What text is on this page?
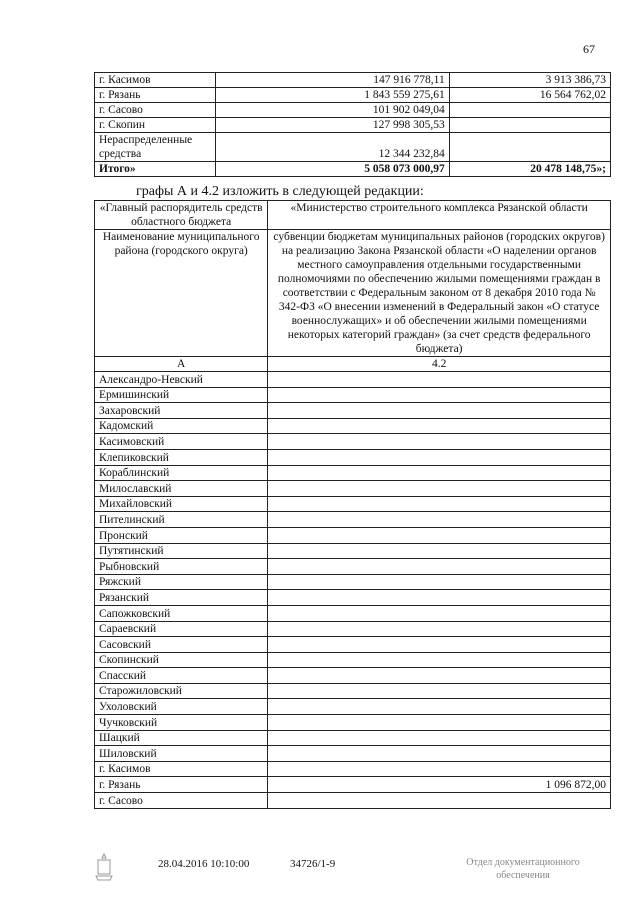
67
г. Касимов	147 916 778,11	3 913 386,73
г. Рязань	1 843 559 275,61	16 564 762,02
г. Сасово	101 902 049,04	
г. Скопин	127 998 305,53	
Нераспределенные средства	12 344 232,84	
Итого»	5 058 073 000,97	20 478 148,75»;
графы А и 4.2 изложить в следующей редакции:
«Главный распорядитель средств областного бюджета	«Министерство строительного комплекса Рязанской области
Наименование муниципального района (городского округа)	субвенции бюджетам муниципальных районов (городских округов) на реализацию Закона Рязанской области «О наделении органов местного самоуправления отдельными государственными полномочиями по обеспечению жилыми помещениями граждан в соответствии с Федеральным законом от 8 декабря 2010 года № 342-ФЗ «О внесении изменений в Федеральный закон «О статусе военнослужащих» и об обеспечении жилыми помещениями некоторых категорий граждан» (за счет средств федерального бюджета)
А	4.2
Александро-Невский	
Ермишинский	
Захаровский	
Кадомский	
Касимовский	
Клепиковский	
Кораблинский	
Милославский	
Михайловский	
Пителинский	
Пронский	
Путятинский	
Рыбновский	
Ряжский	
Рязанский	
Сапожковский	
Сараевский	
Сасовский	
Скопинский	
Спасский	
Старожиловский	
Ухоловский	
Чучковский	
Шацкий	
Шиловский	
г. Касимов	
г. Рязань	1 096 872,00
г. Сасово	
28.04.2016 10:10:00	34726/1-9	Отдел документационного обеспечения
